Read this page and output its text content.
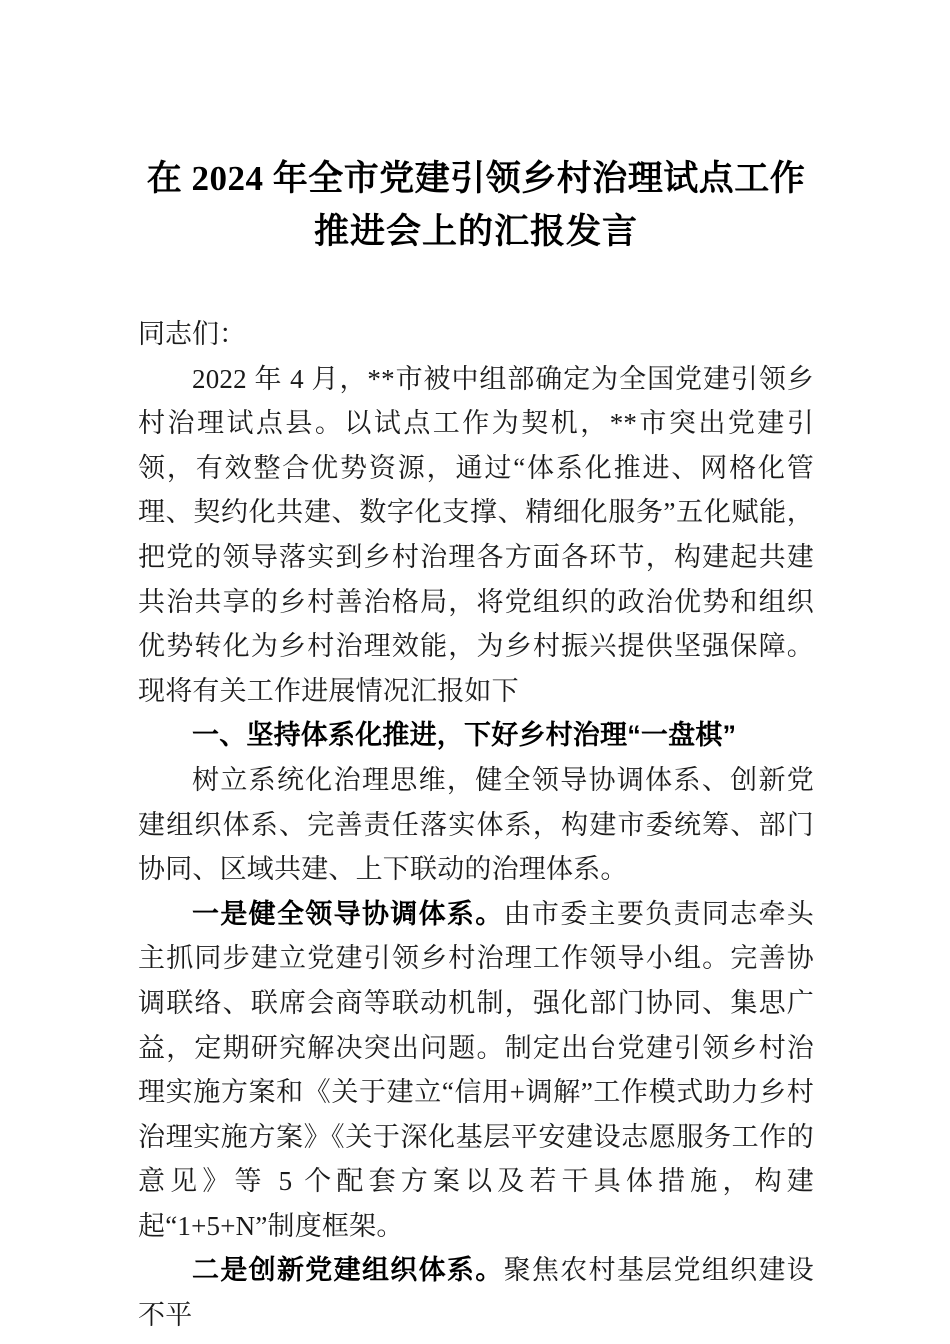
在 2024 年全市党建引领乡村治理试点工作
推进会上的汇报发言

同志们：

2022 年 4 月，**市被中组部确定为全国党建引领乡村治理试点县。以试点工作为契机，**市突出党建引领，有效整合优势资源，通过“体系化推进、网格化管理、契约化共建、数字化支撑、精细化服务”五化赋能，把党的领导落实到乡村治理各方面各环节，构建起共建共治共享的乡村善治格局，将党组织的政治优势和组织优势转化为乡村治理效能，为乡村振兴提供坚强保障。现将有关工作进展情况汇报如下

一、坚持体系化推进，下好乡村治理“一盘棋”

树立系统化治理思维，健全领导协调体系、创新党建组织体系、完善责任落实体系，构建市委统筹、部门协同、区域共建、上下联动的治理体系。

一是健全领导协调体系。由市委主要负责同志牵头主抓同步建立党建引领乡村治理工作领导小组。完善协调联络、联席会商等联动机制，强化部门协同、集思广益，定期研究解决突出问题。制定出台党建引领乡村治理实施方案和《关于建立“信用+调解”工作模式助力乡村治理实施方案》《关于深化基层平安建设志愿服务工作的意见》等 5 个配套方案以及若干具体措施，构建起“1+5+N”制度框架。

二是创新党建组织体系。聚焦农村基层党组织建设不平
